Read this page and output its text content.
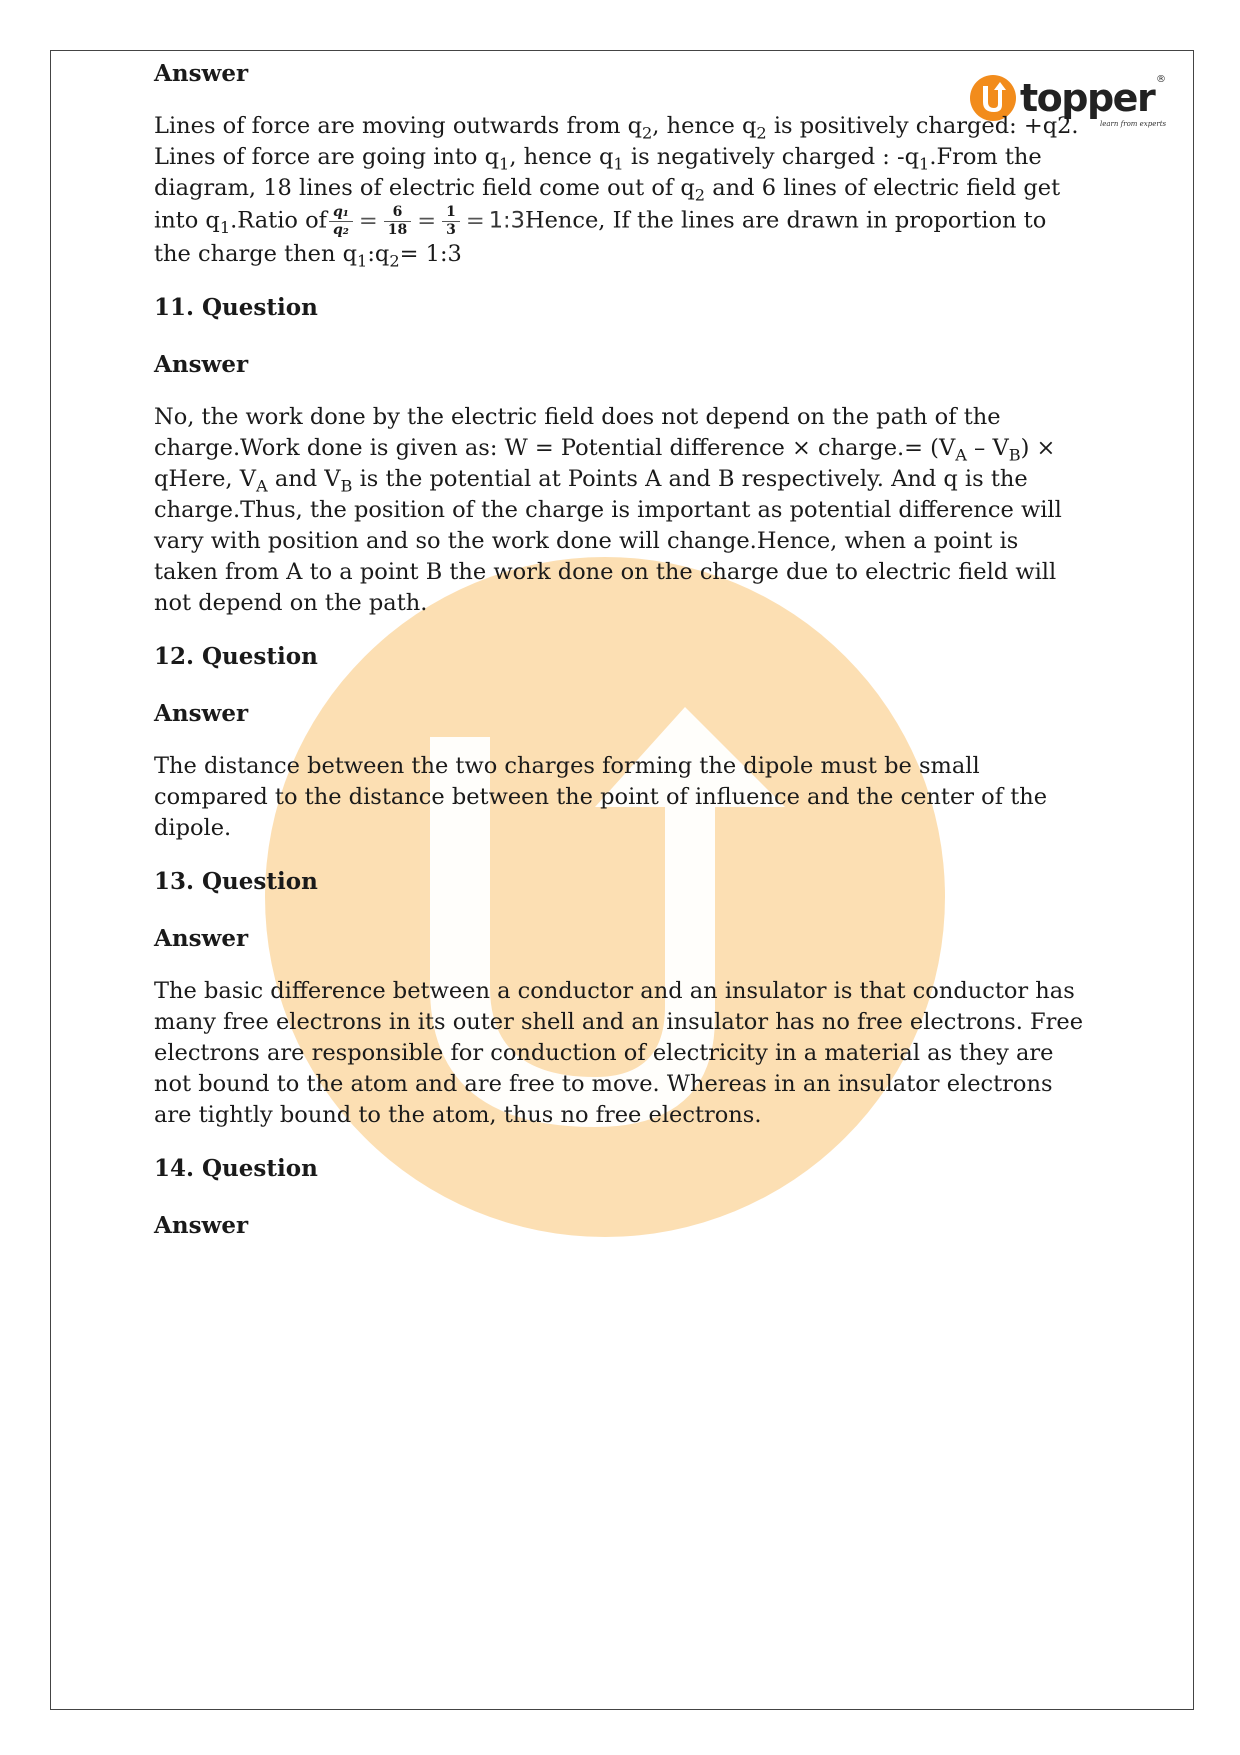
topper ®
learn from experts
Answer

Lines of force are moving outwards from $q_2$, hence $q_2$ is positively charged: +q2.
Lines of force are going into $q_1$, hence $q_1$ is negatively charged : $-q_1.From$ the diagram, 18 lines of electric field come out of $q_2$ and 6 lines of electric field get into $q_1.Ratio$ of $\frac{\text{q₁}}{\text{q₂}} = \frac{6}{18} = \frac{1}{3}$ = 1:3Hence, If the lines are drawn in proportion to the charge then $q_1:q_2=$ 1:3

11. Question
Answer

No, the work done by the electric field does not depend on the path of the charge.Work done is given as: W = Potential difference × charge.= $(V_A - V_B)$ × qHere, $V_A$ and $V_B$ is the potential at Points A and B respectively. And q is the charge.Thus, the position of the charge is important as potential difference will vary with position and so the work done will change.Hence, when a point is taken from A to a point B the work done on the charge due to electric field will not depend on the path.

12. Question
Answer

The distance between the two charges forming the dipole must be small compared to the distance between the point of influence and the center of the dipole.

13. Question
Answer

The basic difference between a conductor and an insulator is that conductor has many free electrons in its outer shell and an insulator has no free electrons. Free electrons are responsible for conduction of electricity in a material as they are not bound to the atom and are free to move. Whereas in an insulator electrons are tightly bound to the atom, thus no free electrons.

14. Question
Answer
